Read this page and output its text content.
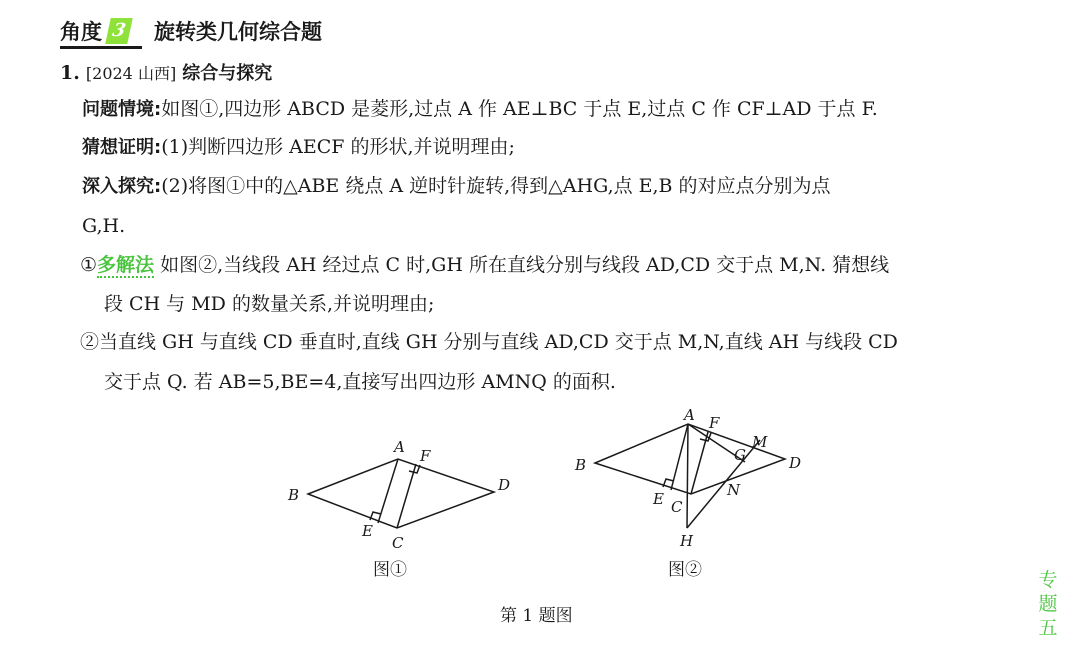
角度 3 旋转类几何综合题
1. [2024 山西] 综合与探究
问题情境:如图①,四边形 ABCD 是菱形,过点 A 作 AE⊥BC 于点 E,过点 C 作 CF⊥AD 于点 F.
猜想证明:(1)判断四边形 AECF 的形状,并说明理由;
深入探究:(2)将图①中的△ABE 绕点 A 逆时针旋转,得到△AHG,点 E,B 的对应点分别为点
G,H.
①多解法 如图②,当线段 AH 经过点 C 时,GH 所在直线分别与线段 AD,CD 交于点 M,N. 猜想线
段 CH 与 MD 的数量关系,并说明理由;
②当直线 GH 与直线 CD 垂直时,直线 GH 分别与直线 AD,CD 交于点 M,N,直线 AH 与线段 CD
交于点 Q. 若 AB=5,BE=4,直接写出四边形 AMNQ 的面积.
A
B
C
D
E
F
图①
A
B
C
D
E
F
G
H
M
N
图②
第 1 题图
专题五
